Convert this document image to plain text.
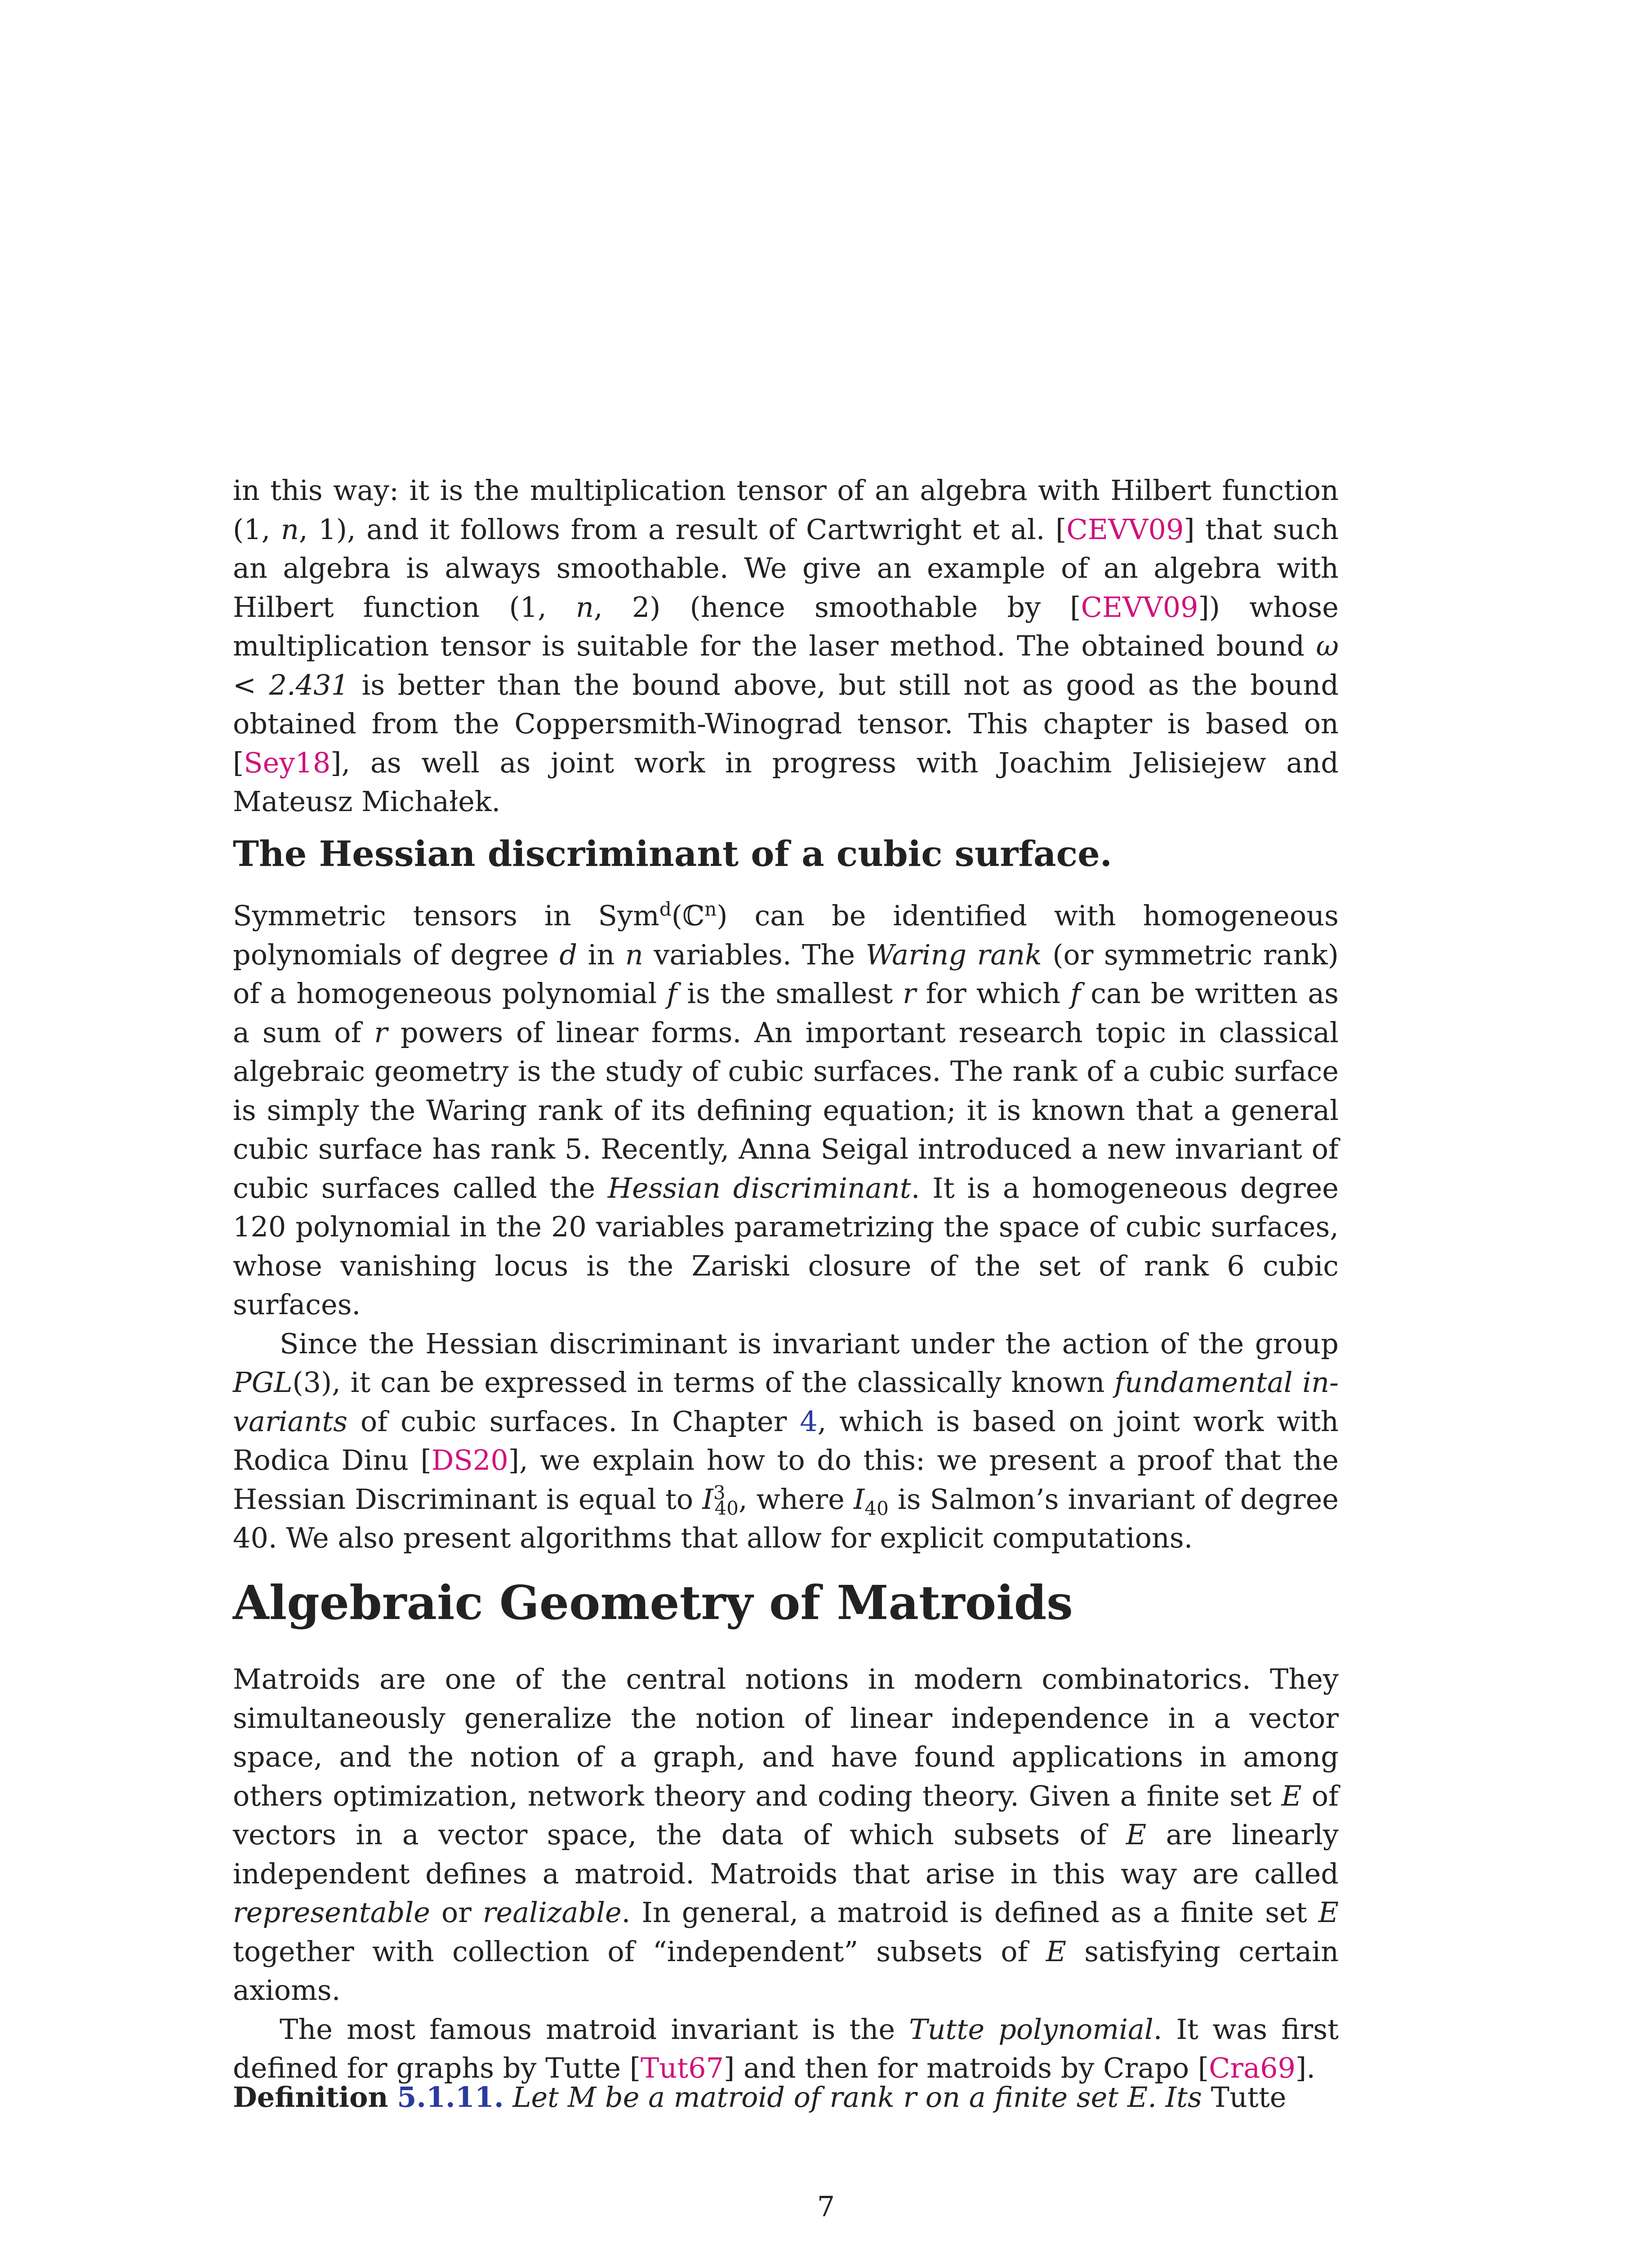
in this way: it is the multiplication tensor of an algebra with Hilbert function (1, n, 1), and it follows from a result of Cartwright et al. [CEVV09] that such an algebra is always smoothable. We give an example of an algebra with Hilbert function (1, n, 2) (hence smoothable by [CEVV09]) whose multiplication tensor is suitable for the laser method. The obtained bound ω < 2.431 is better than the bound above, but still not as good as the bound obtained from the Coppersmith-Winograd tensor. This chapter is based on [Sey18], as well as joint work in progress with Joachim Jelisiejew and Mateusz Michałek.

The Hessian discriminant of a cubic surface.

Symmetric tensors in Sym$^d$(ℂ$^n$) can be identified with homogeneous polynomials of degree d in n variables. The Waring rank (or symmetric rank) of a homogeneous polynomial f is the smallest r for which f can be written as a sum of r powers of linear forms. An important research topic in classical algebraic geometry is the study of cubic surfaces. The rank of a cubic surface is simply the Waring rank of its defining equation; it is known that a general cubic surface has rank 5. Recently, Anna Seigal introduced a new invariant of cubic surfaces called the Hessian discriminant. It is a homogeneous degree 120 polynomial in the 20 variables parametrizing the space of cubic surfaces, whose vanishing locus is the Zariski closure of the set of rank 6 cubic surfaces.

Since the Hessian discriminant is invariant under the action of the group PGL(3), it can be expressed in terms of the classically known fundamental invariants of cubic surfaces. In Chapter 4, which is based on joint work with Rodica Dinu [DS20], we explain how to do this: we present a proof that the Hessian Discriminant is equal to $I^3_{40}$, where $I_{40}$ is Salmon’s invariant of degree 40. We also present algorithms that allow for explicit computations.

Algebraic Geometry of Matroids

Matroids are one of the central notions in modern combinatorics. They simultaneously generalize the notion of linear independence in a vector space, and the notion of a graph, and have found applications in among others optimization, network theory and coding theory. Given a finite set E of vectors in a vector space, the data of which subsets of E are linearly independent defines a matroid. Matroids that arise in this way are called representable or realizable. In general, a matroid is defined as a finite set E together with collection of “independent” subsets of E satisfying certain axioms.

The most famous matroid invariant is the Tutte polynomial. It was first defined for graphs by Tutte [Tut67] and then for matroids by Crapo [Cra69].

Definition 5.1.11. Let M be a matroid of rank r on a finite set E. Its Tutte

7
